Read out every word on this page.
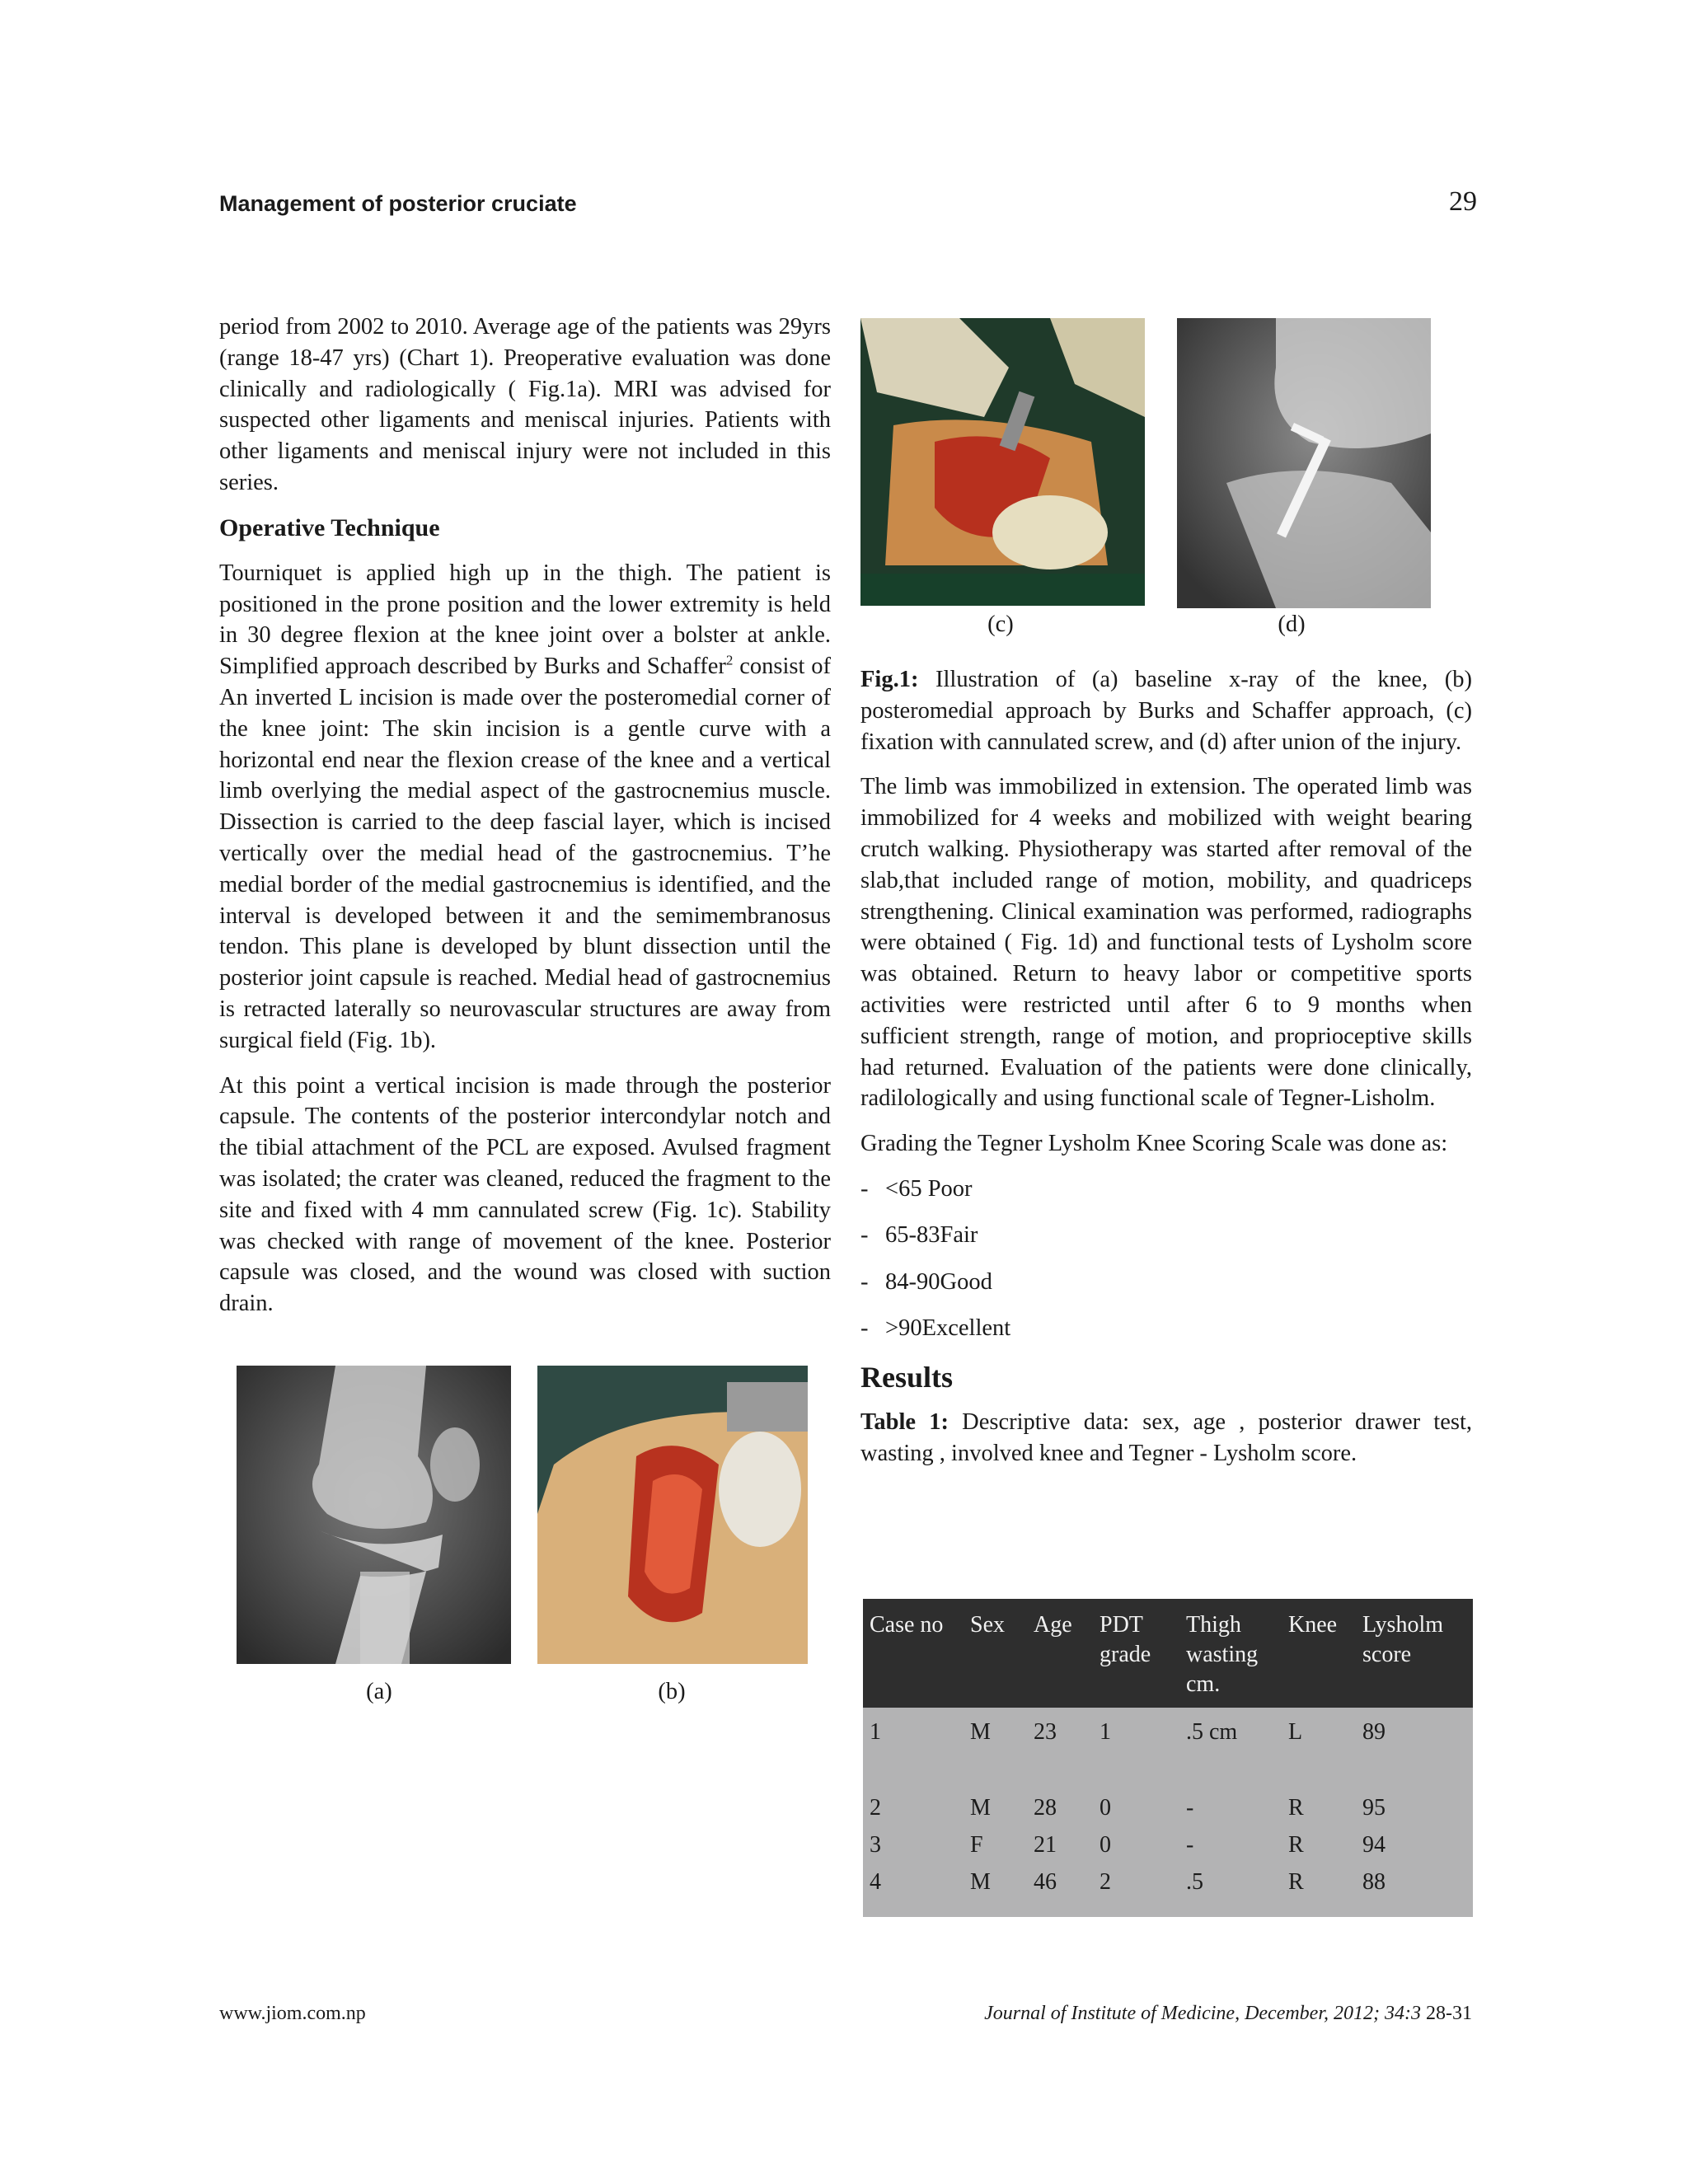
Management of posterior cruciate	29

period from 2002 to 2010. Average age of the patients was 29yrs (range 18-47 yrs) (Chart 1). Preoperative evaluation was done clinically and radiologically ( Fig.1a). MRI was advised for suspected other ligaments and meniscal injuries. Patients with other ligaments and meniscal injury were not included in this series.

Operative Technique

Tourniquet is applied high up in the thigh. The patient is positioned in the prone position and the lower extremity is held in 30 degree flexion at the knee joint over a bolster at ankle. Simplified approach described by Burks and Schaffer$^2$ consist of An inverted L incision is made over the posteromedial corner of the knee joint: The skin incision is a gentle curve with a horizontal end near the flexion crease of the knee and a vertical limb overlying the medial aspect of the gastrocnemius muscle. Dissection is carried to the deep fascial layer, which is incised vertically over the medial head of the gastrocnemius. T’he medial border of the medial gastrocnemius is identified, and the interval is developed between it and the semimembranosus tendon. This plane is developed by blunt dissection until the posterior joint capsule is reached. Medial head of gastrocnemius is retracted laterally so neurovascular structures are away from surgical field (Fig. 1b).

At this point a vertical incision is made through the posterior capsule. The contents of the posterior intercondylar notch and the tibial attachment of the PCL are exposed. Avulsed fragment was isolated; the crater was cleaned, reduced the fragment to the site and fixed with 4 mm cannulated screw (Fig. 1c). Stability was checked with range of movement of the knee. Posterior capsule was closed, and the wound was closed with suction drain.

(a)	(b)
(c)	(d)

Fig.1: Illustration of (a) baseline x-ray of the knee, (b) posteromedial approach by Burks and Schaffer approach, (c) fixation with cannulated screw, and (d) after union of the injury.

The limb was immobilized in extension. The operated limb was immobilized for 4 weeks and mobilized with weight bearing crutch walking. Physiotherapy was started after removal of the slab,that included range of motion, mobility, and quadriceps strengthening. Clinical examination was performed, radiographs were obtained ( Fig. 1d) and functional tests of Lysholm score was obtained. Return to heavy labor or competitive sports activities were restricted until after 6 to 9 months when sufficient strength, range of motion, and proprioceptive skills had returned. Evaluation of the patients were done clinically, radilologically and using functional scale of Tegner-Lisholm.

Grading the Tegner Lysholm Knee Scoring Scale was done as:

- <65 Poor
- 65-83Fair
- 84-90Good
- >90Excellent
Results

Table 1: Descriptive data: sex, age , posterior drawer test, wasting , involved knee and Tegner - Lysholm score.

Case no	Sex	Age	PDT grade	Thigh wasting cm.	Knee	Lysholm score
1	M	23	1	.5 cm	L	89
2	M	28	0	-	R	95
3	F	21	0	-	R	94
4	M	46	2	.5	R	88
www.jiom.com.np	Journal of Institute of Medicine, December, 2012; 34:3 28-31
